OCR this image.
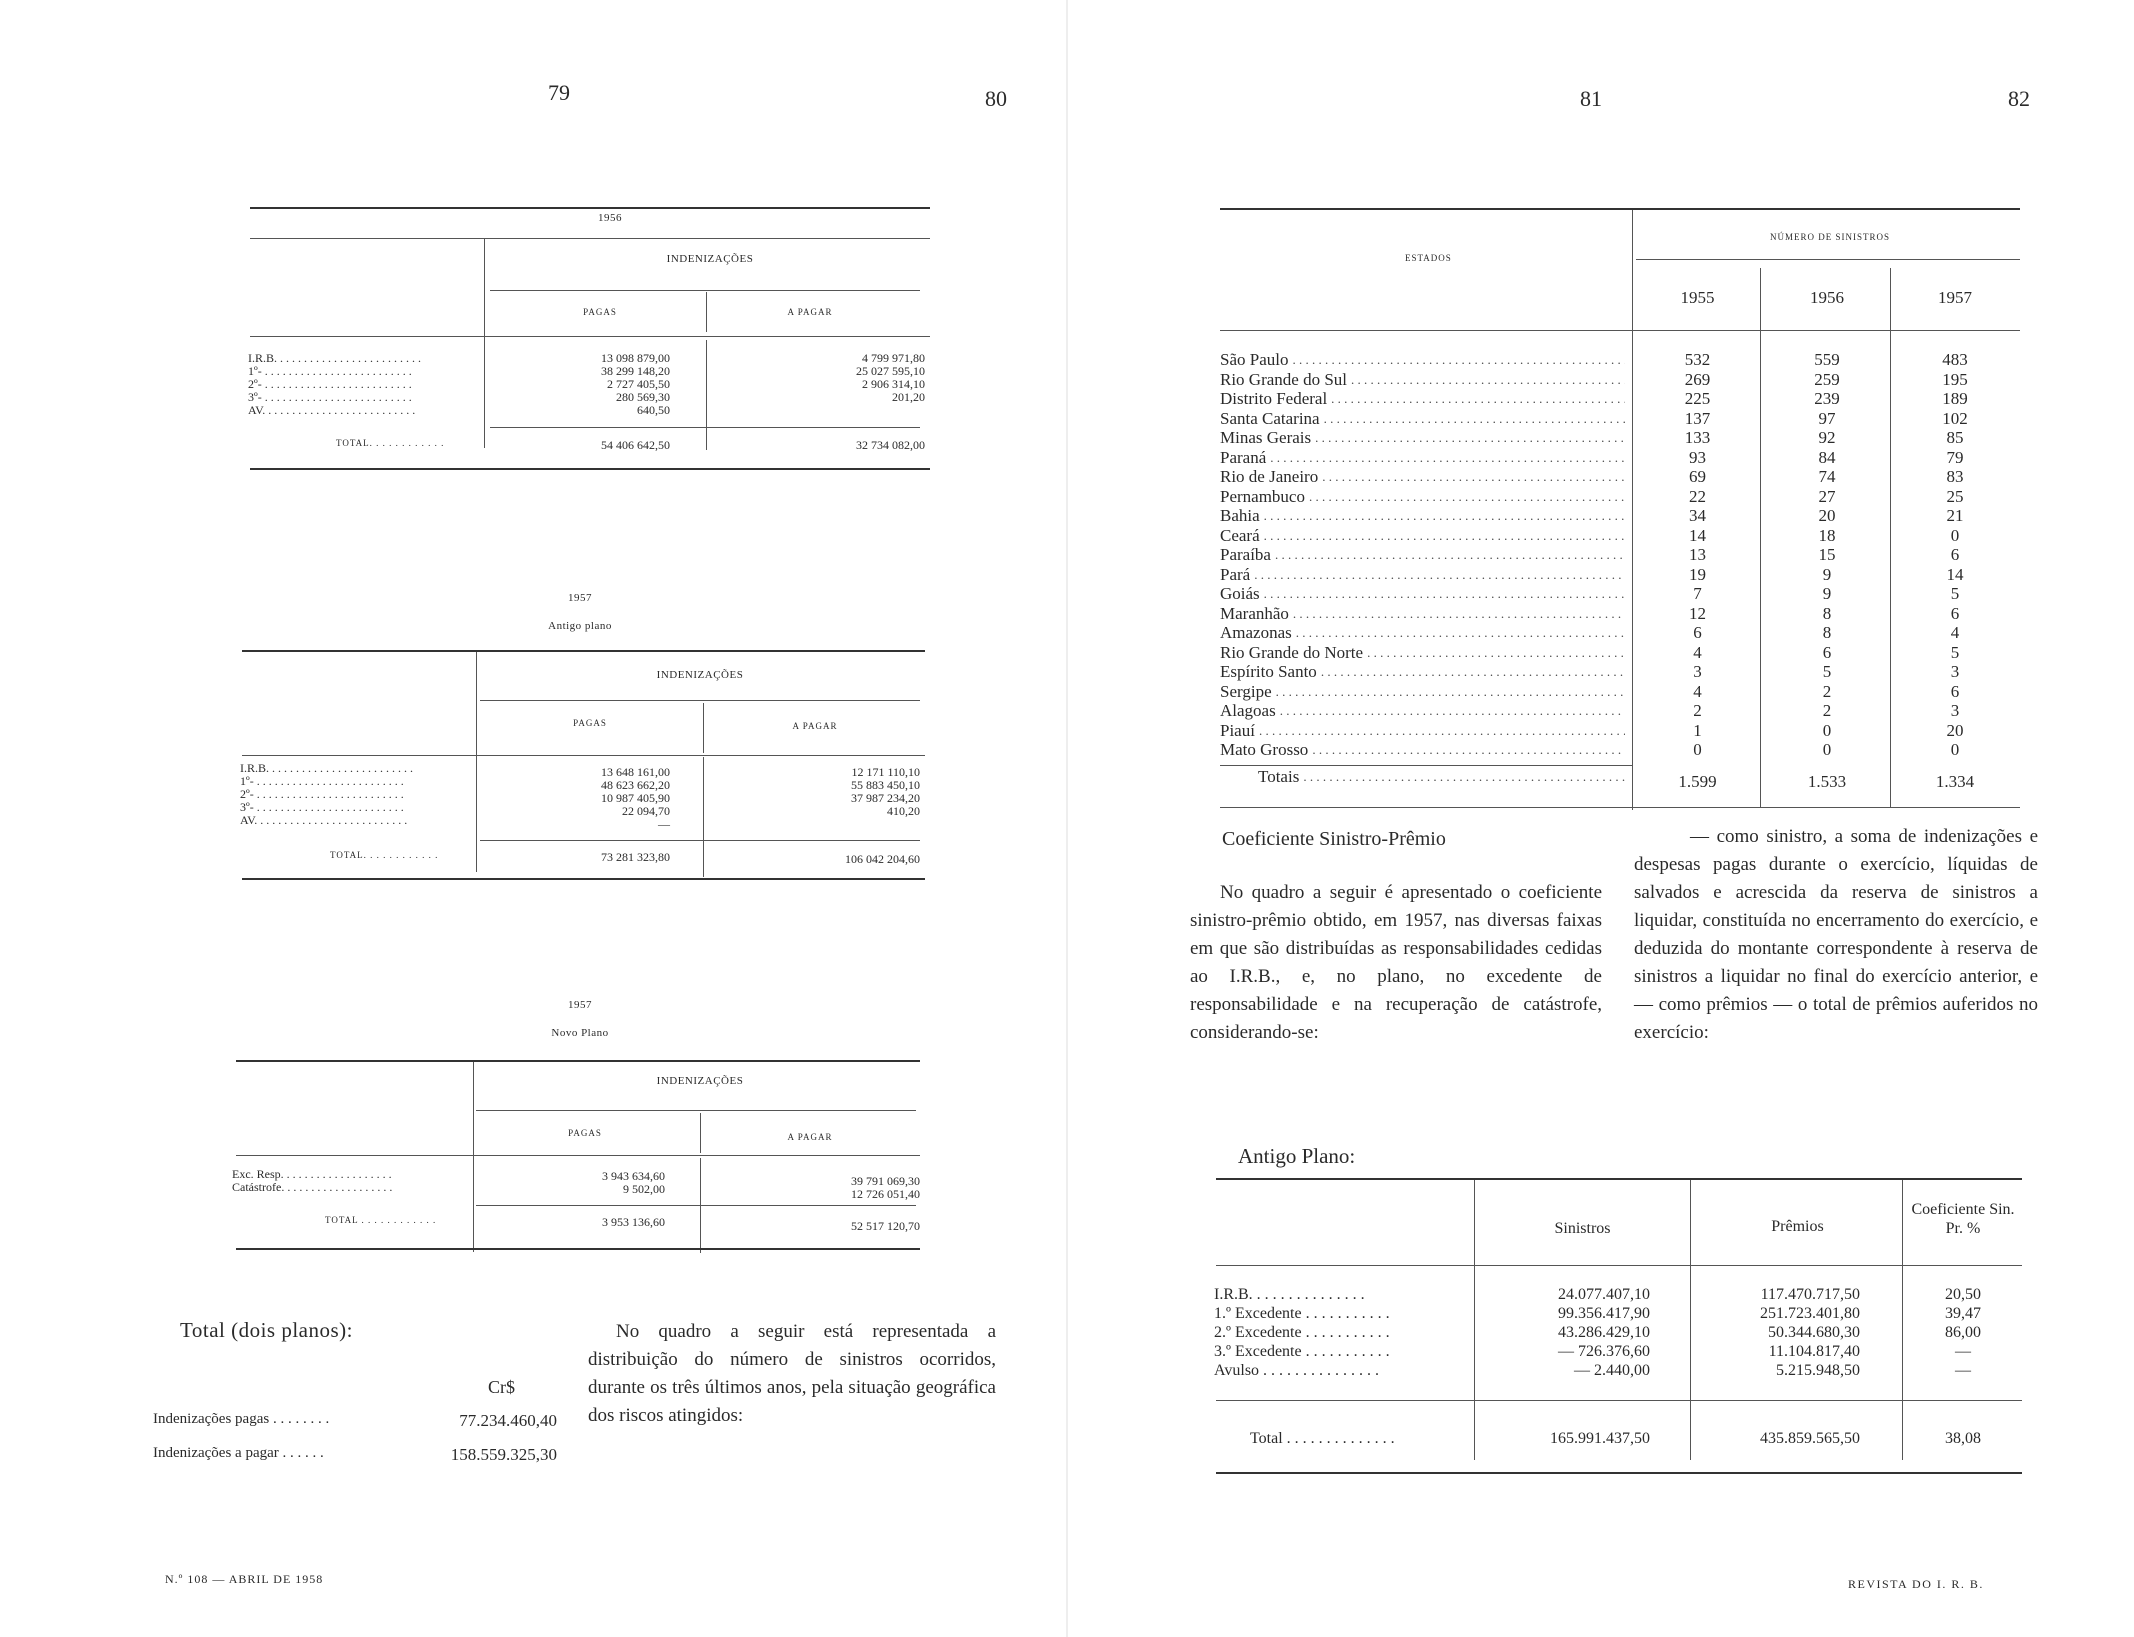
79	80	81	82
1956
INDENIZAÇÕES
PAGAS	A PAGAR
I.R.B. . . . . . . . . . . . . . . . . . . . . . . . .
1º- . . . . . . . . . . . . . . . . . . . . . . . . .
2º- . . . . . . . . . . . . . . . . . . . . . . . . .
3º- . . . . . . . . . . . . . . . . . . . . . . . . .
AV. . . . . . . . . . . . . . . . . . . . . . . . . .
13 098 879,00
38 299 148,20
2 727 405,50
280 569,30
640,50
4 799 971,80
25 027 595,10
2 906 314,10
201,20
TOTAL. . . . . . . . . . . .	54 406 642,50	32 734 082,00
1957
Antigo plano
INDENIZAÇÕES
PAGAS	A PAGAR
I.R.B. . . . . . . . . . . . . . . . . . . . . . . . .
1º- . . . . . . . . . . . . . . . . . . . . . . . . .
2º- . . . . . . . . . . . . . . . . . . . . . . . . .
3º- . . . . . . . . . . . . . . . . . . . . . . . . .
AV. . . . . . . . . . . . . . . . . . . . . . . . . .
13 648 161,00
48 623 662,20
10 987 405,90
22 094,70
—
12 171 110,10
55 883 450,10
37 987 234,20
410,20
TOTAL. . . . . . . . . . . .	73 281 323,80	106 042 204,60
1957
Novo Plano
INDENIZAÇÕES
PAGAS	A PAGAR
Exc. Resp. . . . . . . . . . . . . . . . . . .
Catástrofe. . . . . . . . . . . . . . . . . . .
3 943 634,60
9 502,00
39 791 069,30
12 726 051,40
TOTAL . . . . . . . . . . . .	3 953 136,60	52 517 120,70
Total (dois planos):
Cr$
Indenizações pagas . . . . . . . .	77.234.460,40
Indenizações a pagar . . . . . .	158.559.325,30
No quadro a seguir está representada a distribuição do número de sinistros ocorridos, durante os três últimos anos, pela situação geográfica dos riscos atingidos:
ESTADOS
NÚMERO DE SINISTROS
1955	1956	1957
São Paulo
. . .
Rio Grande do Sul
. . .
Distrito Federal
. . .
Santa Catarina
. . .
Minas Gerais
. . .
Paraná
. . .
Rio de Janeiro
. . .
Pernambuco
. . .
Bahia
. . .
Ceará
. . .
Paraíba
. . .
Pará
. . .
Goiás
. . .
Maranhão
. . .
Amazonas
. . .
Rio Grande do Norte
. . .
Espírito Santo
. . .
Sergipe
. . .
Alagoas
. . .
Piauí
. . .
Mato Grosso
. . .
532
269
225
137
133
93
69
22
34
14
13
19
7
12
6
4
3
4
2
1
0
559
259
239
97
92
84
74
27
20
18
15
9
9
8
8
6
5
2
2
0
0
483
195
189
102
85
79
83
25
21
0
6
14
5
6
4
5
3
6
3
20
0
Totais
. . .	1.599	1.533	1.334
Coeficiente Sinistro-Prêmio
No quadro a seguir é apresentado o coeficiente sinistro-prêmio obtido, em 1957, nas diversas faixas em que são distribuídas as responsabilidades cedidas ao I.R.B., e, no plano, no excedente de responsabilidade e na recuperação de catástrofe, considerando-se:
— como sinistro, a soma de indenizações e despesas pagas durante o exercício, líquidas de salvados e acrescida da reserva de sinistros a liquidar, constituída no encerramento do exercício, e deduzida do montante correspondente à reserva de sinistros a liquidar no final do exercício anterior, e — como prêmios — o total de prêmios auferidos no exercício:
Antigo Plano:
Sinistros	Prêmios
Coeficiente Sin. Pr. %
I.R.B. . . . . . . . . . . . . . .
1.º Excedente . . . . . . . . . . .
2.º Excedente . . . . . . . . . . .
3.º Excedente . . . . . . . . . . .
Avulso . . . . . . . . . . . . . . .
24.077.407,10
99.356.417,90
43.286.429,10
— 726.376,60
— 2.440,00
117.470.717,50
251.723.401,80
50.344.680,30
11.104.817,40
5.215.948,50
20,50
39,47
86,00
—
—
Total . . . . . . . . . . . . . .	165.991.437,50	435.859.565,50	38,08
N.º 108 — ABRIL DE 1958	REVISTA DO I. R. B.
